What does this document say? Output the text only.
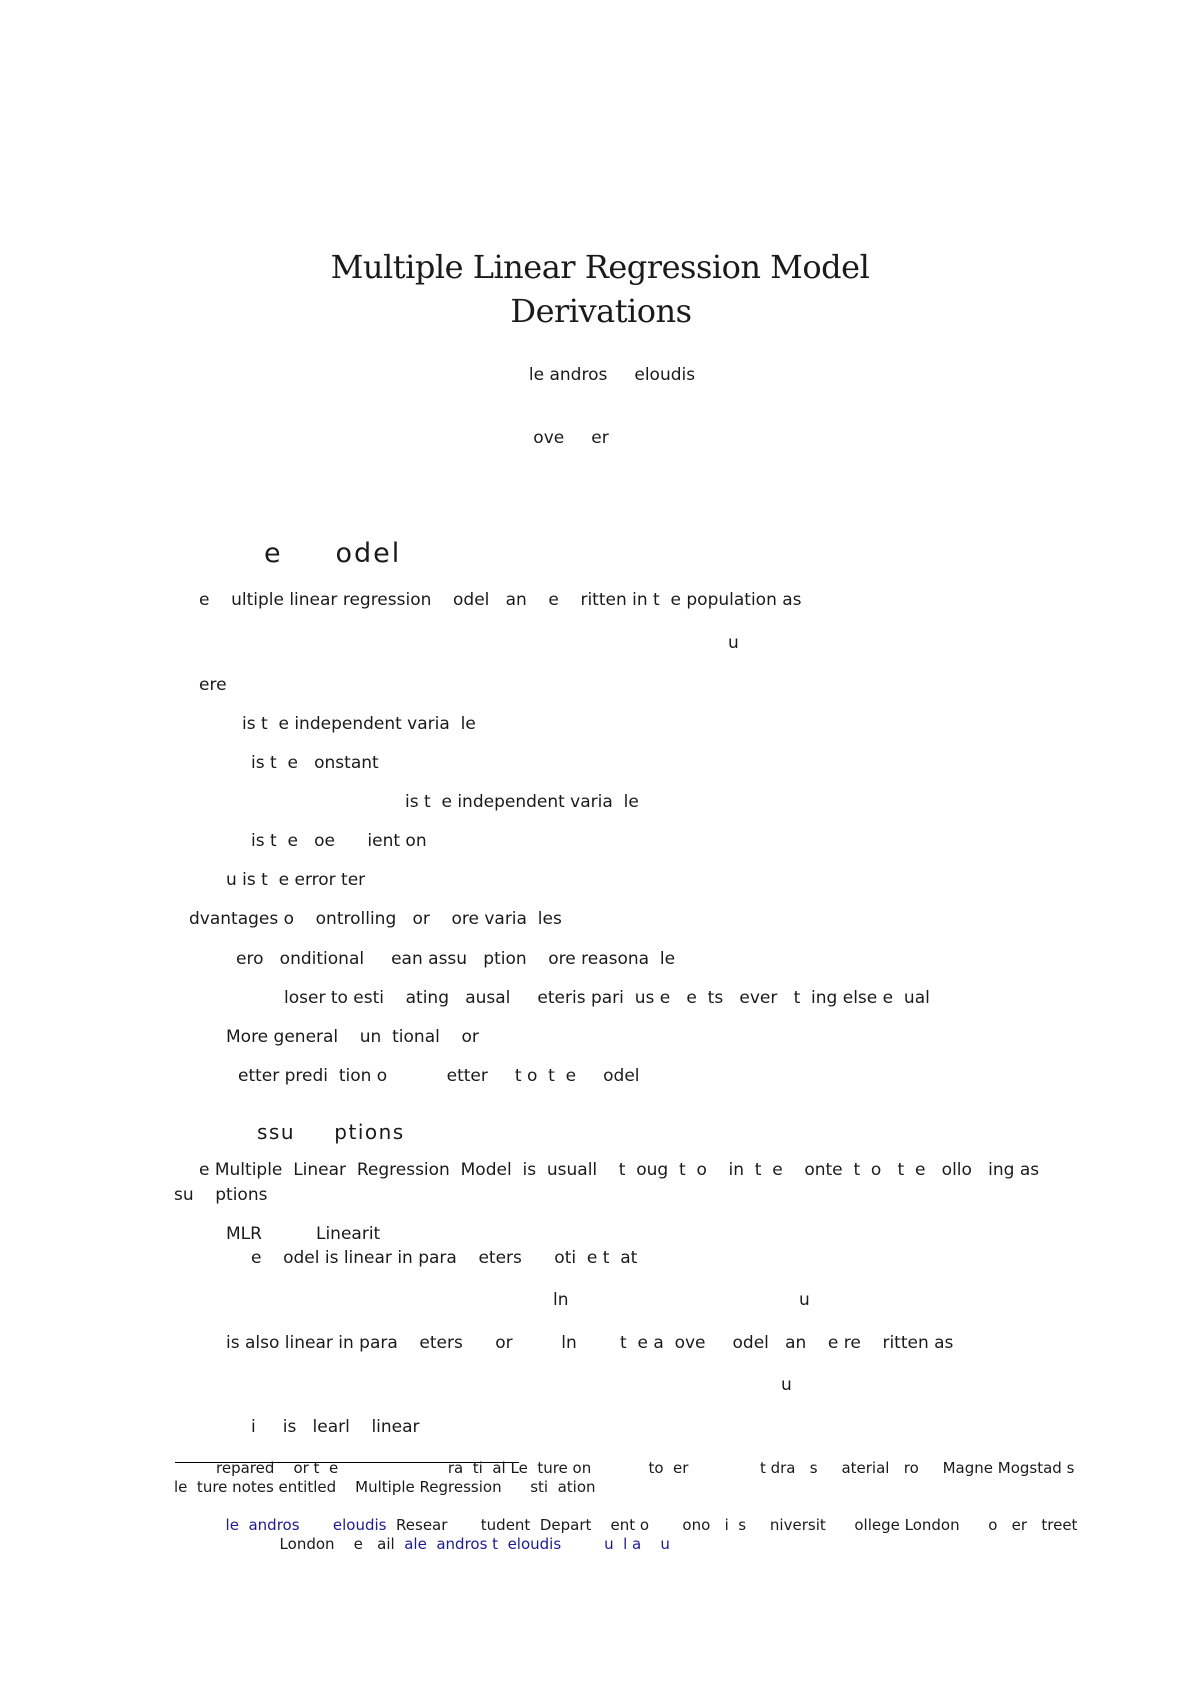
Multiple Linear Regression Model
Derivations
le andros     eloudis
ove     er
e     odel
e    ultiple linear regression    odel   an    e    ritten in t  e population as
u
ere
is t  e independent varia  le
is t  e   onstant
is t  e independent varia  le
is t  e   oe      ient on
u is t  e error ter
dvantages o    ontrolling   or    ore varia  les
ero   onditional     ean assu   ption    ore reasona  le
loser to esti    ating   ausal     eteris pari  us e   e  ts   ever   t  ing else e  ual
More general    un  tional    or
etter predi  tion o           etter     t o  t  e     odel
ssu     ptions
e Multiple  Linear  Regression  Model  is  usuall    t  oug  t  o    in  t  e    onte  t  o   t  e   ollo   ing as
su    ptions
MLR          Linearit
e    odel is linear in para    eters      oti  e t  at
ln	u
is also linear in para    eters      or         ln        t  e a  ove     odel   an    e re    ritten as
u
i     is   learl    linear
repared    or t  e                       ra  ti  al Le  ture on            to  er               t dra   s     aterial   ro     Magne Mogstad s
le  ture notes entitled    Multiple Regression      sti  ation

le  andros       eloudis  Resear       tudent  Depart    ent o       ono   i  s     niversit      ollege London      o   er   treet

London    e   ail ale  andros t  eloudis         u  l a    u
